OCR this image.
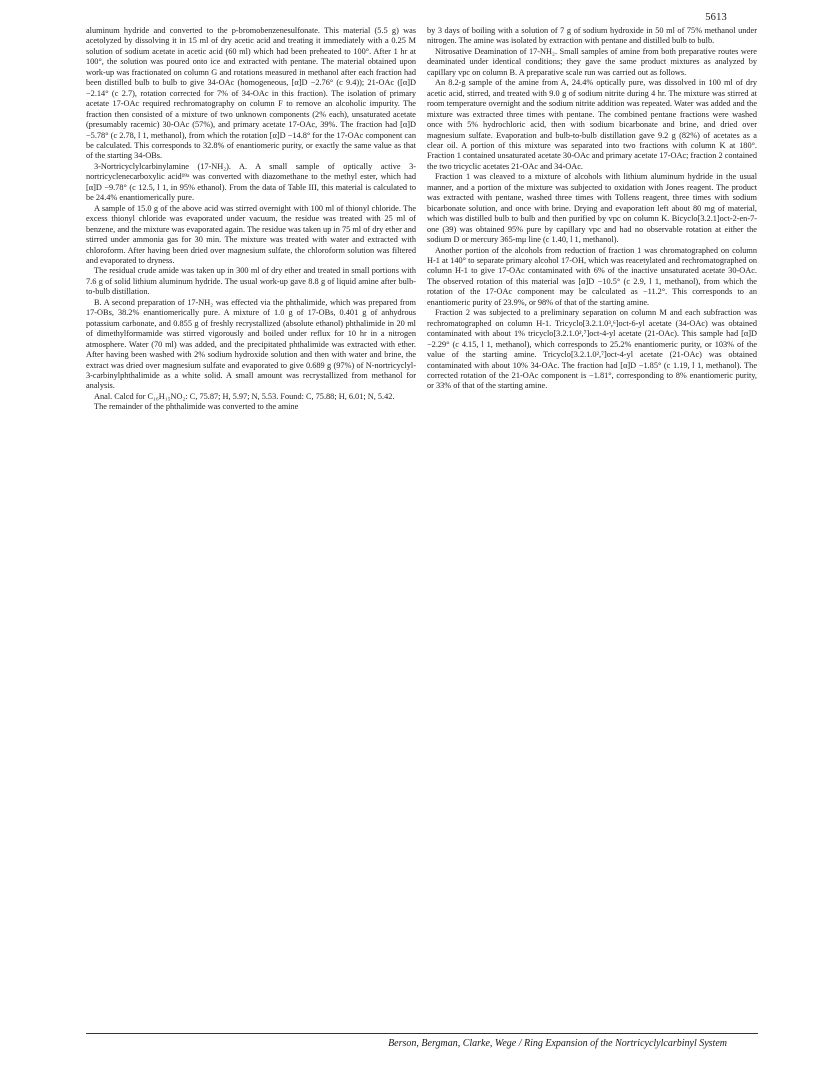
5613

aluminum hydride and converted to the p-bromobenzenesulfonate. This material (5.5 g) was acetolyzed by dissolving it in 15 ml of dry acetic acid and treating it immediately with a 0.25 M solution of sodium acetate in acetic acid (60 ml) which had been preheated to 100°. After 1 hr at 100°, the solution was poured onto ice and extracted with pentane. The material obtained upon work-up was fractionated on column G and rotations measured in methanol after each fraction had been distilled bulb to bulb to give 34-OAc (homogeneous, [α]D −2.76° (c 9.4)); 21-OAc ([α]D −2.14° (c 2.7), rotation corrected for 7% of 34-OAc in this fraction). The isolation of primary acetate 17-OAc required rechromatography on column F to remove an alcoholic impurity. The fraction then consisted of a mixture of two unknown components (2% each), unsaturated acetate (presumably racemic) 30-OAc (57%), and primary acetate 17-OAc, 39%. The fraction had [α]D −5.78° (c 2.78, l 1, methanol), from which the rotation [α]D −14.8° for the 17-OAc component can be calculated. This corresponds to 32.8% of enantiomeric purity, or exactly the same value as that of the starting 34-OBs.

3-Nortricyclylcarbinylamine (17-NH₂). A. A small sample of optically active 3-nortricyclenecarboxylic acid¹⁹ᵃ was converted with diazomethane to the methyl ester, which had [α]D −9.78° (c 12.5, l 1, in 95% ethanol). From the data of Table III, this material is calculated to be 24.4% enantiomerically pure.

A sample of 15.0 g of the above acid was stirred overnight with 100 ml of thionyl chloride. The excess thionyl chloride was evaporated under vacuum, the residue was treated with 25 ml of benzene, and the mixture was evaporated again. The residue was taken up in 75 ml of dry ether and stirred under ammonia gas for 30 min. The mixture was treated with water and extracted with chloroform. After having been dried over magnesium sulfate, the chloroform solution was filtered and evaporated to dryness.

The residual crude amide was taken up in 300 ml of dry ether and treated in small portions with 7.6 g of solid lithium aluminum hydride. The usual work-up gave 8.8 g of liquid amine after bulb-to-bulb distillation.

B. A second preparation of 17-NH₂ was effected via the phthalimide, which was prepared from 17-OBs, 38.2% enantiomerically pure. A mixture of 1.0 g of 17-OBs, 0.401 g of anhydrous potassium carbonate, and 0.855 g of freshly recrystallized (absolute ethanol) phthalimide in 20 ml of dimethylformamide was stirred vigorously and boiled under reflux for 10 hr in a nitrogen atmosphere. Water (70 ml) was added, and the precipitated phthalimide was extracted with ether. After having been washed with 2% sodium hydroxide solution and then with water and brine, the extract was dried over magnesium sulfate and evaporated to give 0.689 g (97%) of N-nortricyclyl-3-carbinylphthalimide as a white solid. A small amount was recrystallized from methanol for analysis.

Anal. Calcd for C₁₆H₁₅NO₂: C, 75.87; H, 5.97; N, 5.53. Found: C, 75.88; H, 6.01; N, 5.42.

The remainder of the phthalimide was converted to the amine

by 3 days of boiling with a solution of 7 g of sodium hydroxide in 50 ml of 75% methanol under nitrogen. The amine was isolated by extraction with pentane and distilled bulb to bulb.

Nitrosative Deamination of 17-NH₂. Small samples of amine from both preparative routes were deaminated under identical conditions; they gave the same product mixtures as analyzed by capillary vpc on column B. A preparative scale run was carried out as follows.

An 8.2-g sample of the amine from A, 24.4% optically pure, was dissolved in 100 ml of dry acetic acid, stirred, and treated with 9.0 g of sodium nitrite during 4 hr. The mixture was stirred at room temperature overnight and the sodium nitrite addition was repeated. Water was added and the mixture was extracted three times with pentane. The combined pentane fractions were washed once with 5% hydrochloric acid, then with sodium bicarbonate and brine, and dried over magnesium sulfate. Evaporation and bulb-to-bulb distillation gave 9.2 g (82%) of acetates as a clear oil. A portion of this mixture was separated into two fractions with column K at 180°. Fraction 1 contained unsaturated acetate 30-OAc and primary acetate 17-OAc; fraction 2 contained the two tricyclic acetates 21-OAc and 34-OAc.

Fraction 1 was cleaved to a mixture of alcohols with lithium aluminum hydride in the usual manner, and a portion of the mixture was subjected to oxidation with Jones reagent. The product was extracted with pentane, washed three times with Tollens reagent, three times with sodium bicarbonate solution, and once with brine. Drying and evaporation left about 80 mg of material, which was distilled bulb to bulb and then purified by vpc on column K. Bicyclo[3.2.1]oct-2-en-7-one (39) was obtained 95% pure by capillary vpc and had no observable rotation at either the sodium D or mercury 365-mμ line (c 1.40, l 1, methanol).

Another portion of the alcohols from reduction of fraction 1 was chromatographed on column H-1 at 140° to separate primary alcohol 17-OH, which was reacetylated and rechromatographed on column H-1 to give 17-OAc contaminated with 6% of the inactive unsaturated acetate 30-OAc. The observed rotation of this material was [α]D −10.5° (c 2.9, l 1, methanol), from which the rotation of the 17-OAc component may be calculated as −11.2°. This corresponds to an enantiomeric purity of 23.9%, or 98% of that of the starting amine.

Fraction 2 was subjected to a preliminary separation on column M and each subfraction was rechromatographed on column H-1. Tricyclo[3.2.1.0³,⁶]oct-6-yl acetate (34-OAc) was obtained contaminated with about 1% tricyclo[3.2.1.0²,⁷]oct-4-yl acetate (21-OAc). This sample had [α]D −2.29° (c 4.15, l 1, methanol), which corresponds to 25.2% enantiomeric purity, or 103% of the value of the starting amine. Tricyclo[3.2.1.0²,⁷]oct-4-yl acetate (21-OAc) was obtained contaminated with about 10% 34-OAc. The fraction had [α]D −1.85° (c 1.19, l 1, methanol). The corrected rotation of the 21-OAc component is −1.81°, corresponding to 8% enantiomeric purity, or 33% of that of the starting amine.

Berson, Bergman, Clarke, Wege / Ring Expansion of the Nortricyclylcarbinyl System
